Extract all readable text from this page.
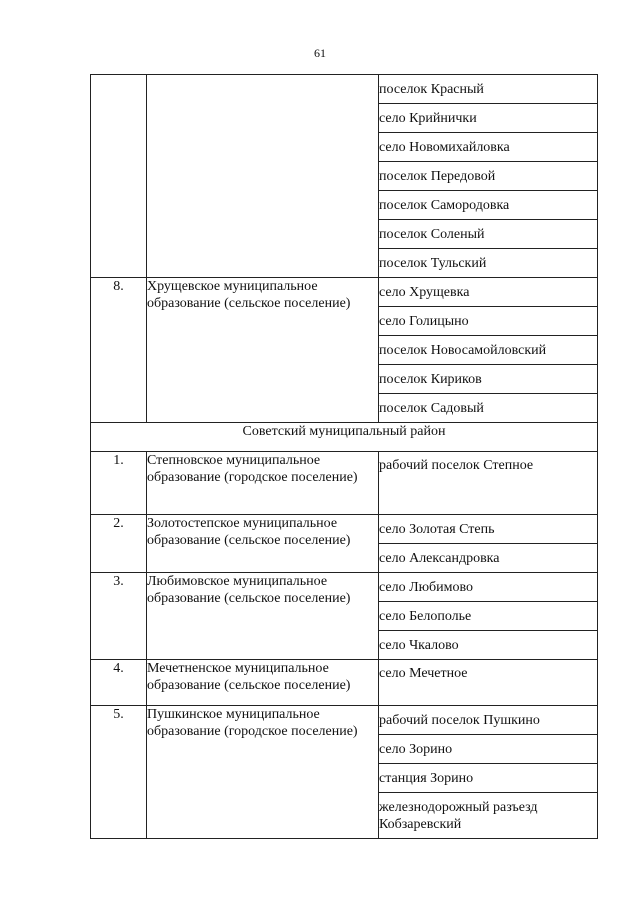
61

поселок Красный

село Крийнички

село Новомихайловка

поселок Передовой

поселок Самородовка

поселок Соленый

поселок Тульский

8.	Хрущевское муниципальное образование (сельское поселение)	село Хрущевка

село Голицыно

поселок Новосамойловский

поселок Кириков

поселок Садовый

Советский муниципальный район		
1.	Степновское муниципальное образование (городское поселение)	рабочий поселок Степное

2.	Золотостепское муниципальное образование (сельское поселение)	село Золотая Степь

село Александровка

3.	Любимовское муниципальное образование (сельское поселение)	село Любимово

село Белополье

село Чкалово

4.	Мечетненское муниципальное образование (сельское поселение)	село Мечетное

5.	Пушкинское муниципальное образование (городское поселение)	рабочий поселок Пушкино

село Зорино

станция Зорино

железнодорожный разъезд Кобзаревский
